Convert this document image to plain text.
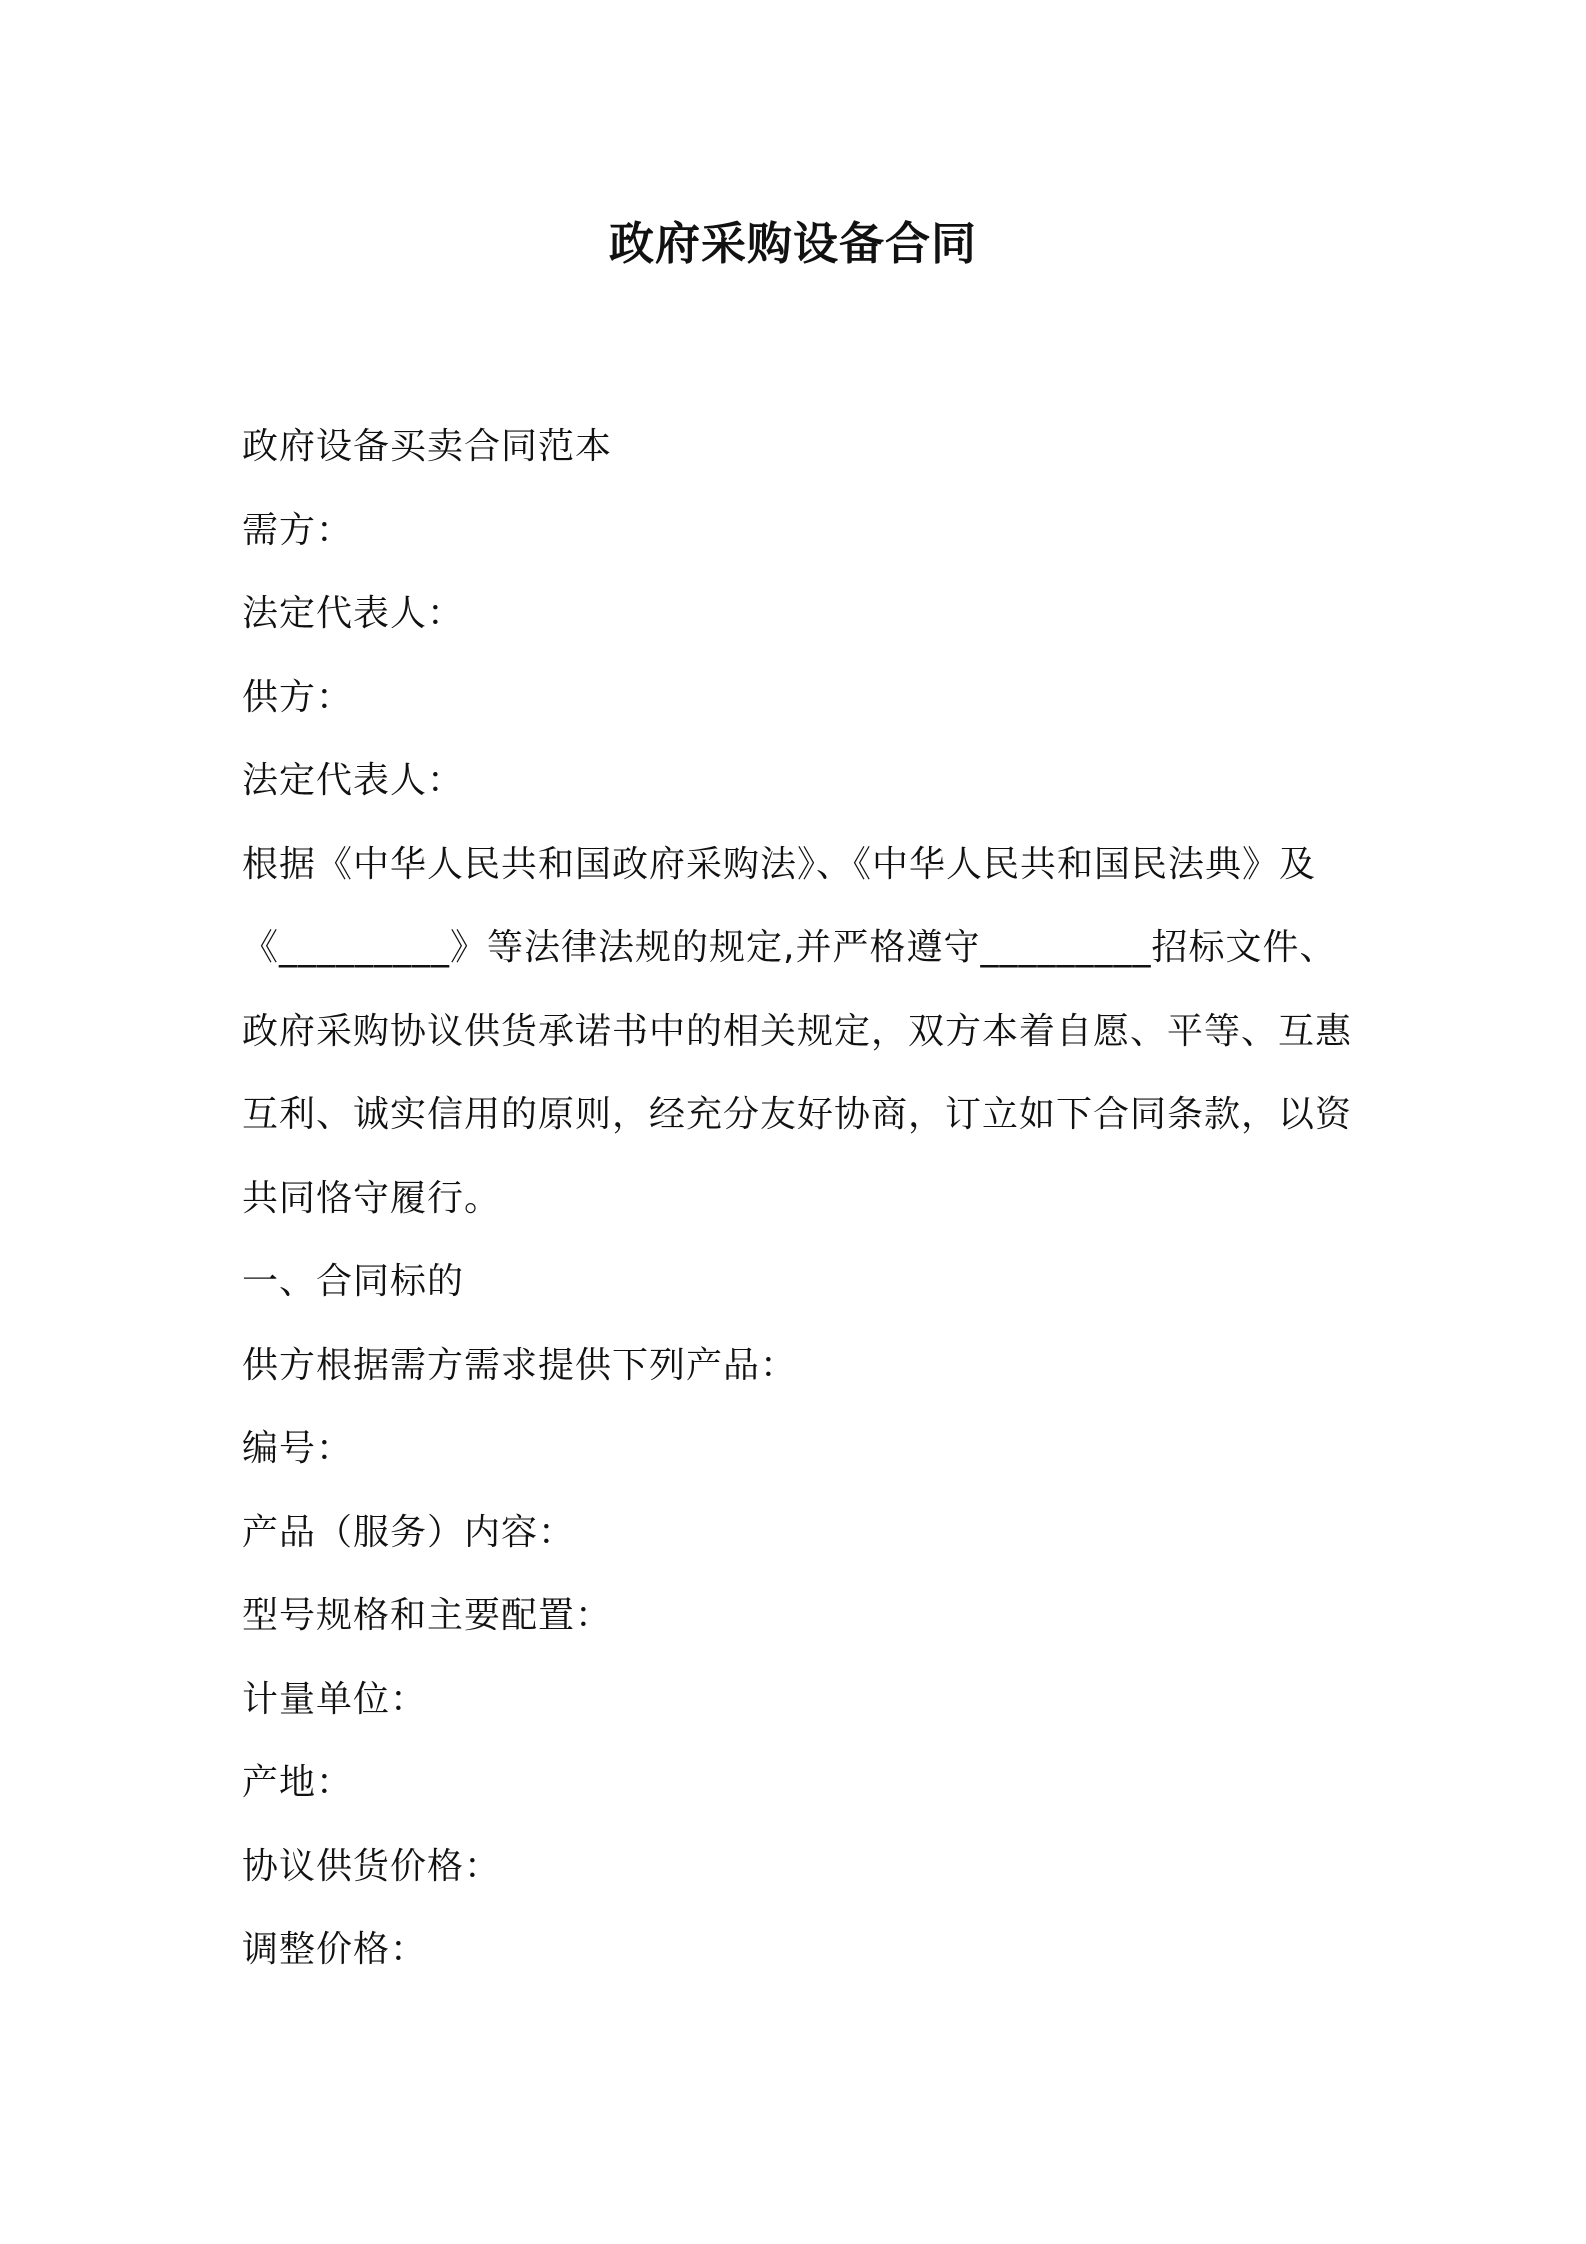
政府采购设备合同

政府设备买卖合同范本

需方：

法定代表人：

供方：

法定代表人：

根据《中华人民共和国政府采购法》、《中华人民共和国民法典》及

《_________》等法律法规的规定,并严格遵守_________招标文件、

政府采购协议供货承诺书中的相关规定，双方本着自愿、平等、互惠

互利、诚实信用的原则，经充分友好协商，订立如下合同条款，以资

共同恪守履行。

一、合同标的

供方根据需方需求提供下列产品：

编号：

产品（服务）内容：

型号规格和主要配置：

计量单位：

产地：

协议供货价格：

调整价格：
